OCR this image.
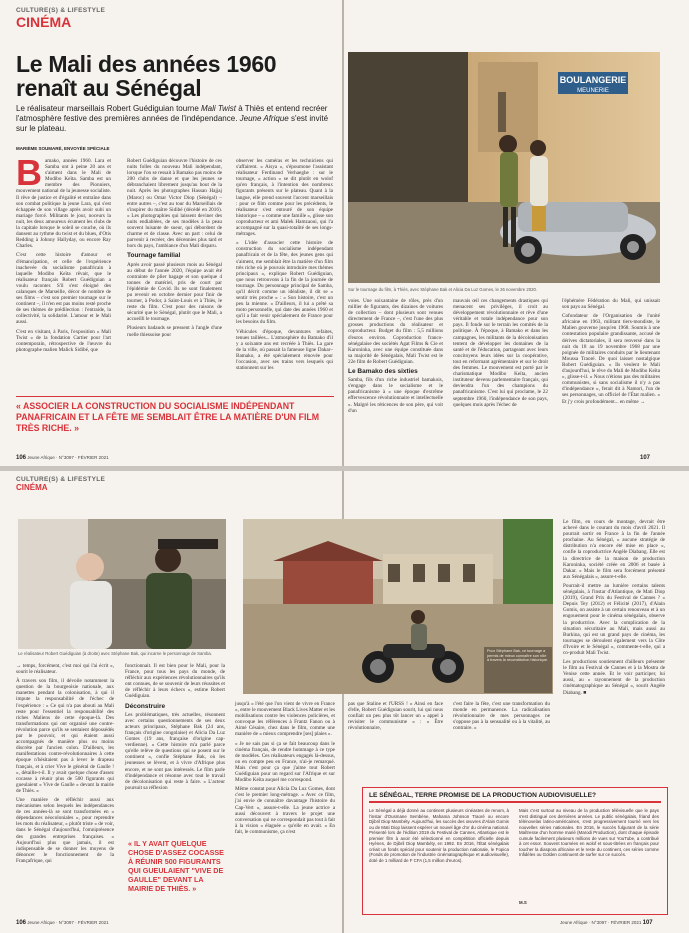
CULTURE(S) & LIFESTYLE
CINÉMA
Le Mali des années 1960
renaît au Sénégal
Le réalisateur marseillais Robert Guédiguian tourne Mali Twist à Thiès et entend recréer l'atmosphère festive des premières années de l'indépendance. Jeune Afrique s'est invité sur le plateau.
MARIÈME SOUMARÉ, ENVOYÉE SPÉCIALE
B amako, années 1960. Lara et Samba ont à peine 20 ans et s'aiment dans le Mali de Modibo Keïta. Samba est un membre des Pionniers, mouvement national de la jeunesse socialiste. Il rêve de justice et d'égalité et entraîne dans son combat politique la jeune Lara, qui s'est échappée de son village après avoir subi un mariage forcé. Militants le jour, noceurs la nuit, les deux amoureux écument les clubs de la capitale lorsque le soleil se couche, où ils dansent au rythme du twist et du blues, d'Otis Redding à Johnny Hallyday, ou encore Ray Charles.

C'est cette histoire d'amour et d'émancipation, et celle de l'expérience inachevée du socialisme panafricain à laquelle Modibo Keïta rêvait, que le réalisateur français Robert Guédiguian a voulu raconter. S'il s'est éloigné des calanques de Marseille, décor de nombre de ses films – c'est son premier tournage sur le continent –, il n'en est pas moins resté proche de ses thèmes de prédilection : l'entraide, la collectivité, la solidarité. L'amour et le Mali aussi.

C'est en visitant, à Paris, l'exposition « Mali Twist » de la fondation Cartier pour l'art contemporain, rétrospective de l'œuvre du photographe malien Malick Sidibé, que

Robert Guédiguian découvre l'histoire de ces nuits folles du nouveau Mali indépendant, lorsque l'on se ressait à Bamako pas moins de 200 clubs de danse et que les jeunes se débranchaient librement jusqu'au bout de la nuit. Après les photographes Hassan Hajjaj (Maroc) ou Omar Victor Diop (Sénégal) – entre autres –, c'est au tour du Marseillais de s'inspirer du maître Sidibé (décédé en 2016). « Les photographies qui laissent deviner des nuits endiablées, de ses modèles à la peau souvent luisante de sueur, qui débordent de charme et de classe. Avec un part : celui de parvenir à recréer, des décennies plus tard et hors du pays, l'ambiance d'un Mali disparu.

Tournage familial

Après avoir passé plusieurs mois au Sénégal au début de l'année 2020, l'équipe avait été contrainte de plier bagage et son quelque 4 tonnes de matériel, pris de court par l'épidémie de Covid. Ils ne sont finalement pu revenir en octobre dernier pour finir de tourner, à Podor, à Saint-Louis et à Thiès, le reste du film. C'est pour des raisons de sécurité que le Sénégal, plutôt que le Mali, a accueilli le tournage.

Plusieurs badauds se pressent à l'angle d'une ruelle thiessoise pour

observer les caméras et les techniciens qui s'affairent. « Aisya », s'époumone l'assistant réalisateur Ferdinand Verhaeghe : sur le tournage, « action » se dit plutôt en wolof qu'en français, à l'intention des nombreux figurants présents sur le plateau. Quant à la langue, elle prend souvent l'accent marseillais : pour ce film comme pour les précédents, le réalisateur s'est entouré de son équipe historique – « comme une famille », glisse son coproducteur et ami Malek Hamzaoui, qui l'a accompagné sur la quasi-totalité de ses longs-métrages.

« L'idée d'associer cette histoire de construction du socialisme indépendant panafricain et de la fête, des jeunes gens qui s'aiment, me semblait être la matière d'un film très riche où je pouvais introduire mes thèmes principaux », explique Robert Guédiguian, que nous retrouvons à la fin de la journée de tournage. Du personnage principal de Samba, qu'il décrit comme un idéaliste, il dit se « sentir très proche » : « Son histoire, c'est un peu la mienne. » D'ailleurs, il lui a prêté sa moto personnelle, qui date des années 1960 et qu'il a fait venir spécialement de France pour les besoins du film.

Véhicules d'époque, devantures refaites, tenues taillées... L'atmosphère du Bamako d'il y a soixante ans est recréée à Thiès. La gare de la ville, où passait la fameuse ligne Dakar–Bamako, a été spécialement rénovée pour l'occasion, avec ses trains vers lesquels qui stationnent sur les

« ASSOCIER LA CONSTRUCTION DU SOCIALISME INDÉPENDANT PANAFRICAIN ET LA FÊTE ME SEMBLAIT ÊTRE LA MATIÈRE D'UN FILM TRÈS RICHE. »
106 Jeune Afrique · N°3097 · FÉVRIER 2021
BOULANGERIE
MEUNERIE
Sur le tournage du film, à Thiès, avec Stéphane Bak et Alicia Da Luz Gomes, le 26 novembre 2020.

voies. Une soixantaine de rôles, près d'un millier de figurants, des dizaines de voitures de collection – dont plusieurs sont venues directement de France –, c'est l'une des plus grosses productions du réalisateur et coproducteur. Budget du film : 5,5 millions d'euros environ. Coproduction franco-sénégalaise des sociétés Agat Films & Cie et Karoninka, avec une équipe constituée dans sa majorité de Sénégalais, Mali Twist est le 22e film de Robert Guédiguian.

Le Bamako des sixties

Samba, fils d'un riche industriel bamakois, s'engage dans le socialisme et le panafricanisme à « une époque d'extrême effervescence révolutionnaire et intellectuelle ». Malgré les réticences de son père, qui voit d'un

mauvais œil ces changements drastiques qui menacent ses privilèges, il croit au développement révolutionnaire et rêve d'une véritable et totale indépendance pour son pays. Il fonde sur le terrain les comités de la politique. À l'époque, à Bamako et dans les campagnes, les militants de la décolonisation tentent de développer les domaines de la santé et de l'éducation, partageant avec leurs concitoyens leurs idées sur la coopérative, tout en reformant agrémentaire et sur le droit des femmes. Le mouvement est porté par le charismatique Modibo Keïta, ancien instituteur devenu parlementaire français, qui deviendra l'un des champions du panafricanisme. C'est lui qui proclame, le 22 septembre 1960, l'indépendance de son pays, quelques mois après l'échec de

l'éphémère Fédération du Mali, qui unissait son pays au Sénégal.

Cofondateur de l'Organisation de l'unité africaine en 1963, militant tiers-mondiste, le Malien gouverne jusqu'en 1968. Soumis à une contestation populaire grandissante, accusé de dérives dictatoriales, il sera renversé dans la nuit du 18 au 19 novembre 1968 par une poignée de militaires conduits par le lieutenant Moussa Traoré. De quoi laisser nostalgique Robert Guédiguian. « Ils veulent le Mali d'aujourd'hui, le rêve du Mali de Modibo Keïta », glisse-t-il. « Nous n'étions pas des militaires communistes, si sans socialisme il n'y a pas d'indépendance », ferait dit à Namori, l'un de ses personnages, un officiel de l'État malien. « Et j'y crois profondément... en même →

107
CULTURE(S) & LIFESTYLE
CINÉMA
Le réalisateur Robert Guédiguian (à droite) avec Stéphane Bak, qui incarne le personnage de Samba.	Pour Stéphane Bak, ce tournage a permis de mieux connaître son rôle à travers la reconstitution historique.

→ temps, forcément, c'est moi qui l'ai écrit », sourit le réalisateur.

À travers son film, il dévoile notamment la question de la bourgeoisie nationale, aux manettes pendant la colonisation, à qui il impute la responsabilité de l'échec de l'expérience : « Ce qui n'a pas abouti au Mali reste pour l'essentiel la responsabilité des riches Maliens de cette époque-là. Des transformations qui ont organisé une contre-révolution parce qu'ils se sentaient dépossédés par le pouvoir, et qui étaient aussi accompagnés de manière plus ou moins discrète par l'ancien colon. D'ailleurs, les manifestations contre-révolutionnaires à cette époque n'hésitaient pas à lever le drapeau français, et à crier Vive le général de Gaulle ! », détaille-t-il. Il y avait quelque chose d'assez cocasse à réunir plus de 500 figurants qui gueulaient « Vive de Gaulle » devant la mairie de Thiès. »

Une manière de réfléchir aussi aux mécanismes selon lesquels les indépendances de ces années-là se sont transformées en « dépendances néocoloniales », pour reprendre les mots du réalisateur, « plutôt triste » de voir, dans le Sénégal d'aujourd'hui, l'omniprésence des grandes entreprises françaises. « Aujourd'hui plus que jamais, il est indispensable de se donner les moyens de dénoncer le fonctionnement de la Françafrique, qui

fonctionnait. Il est bien pour le Mali, pour la France, pour tous les pays du monde, de réfléchir aux expériences révolutionnaires qu'ils ont connues, de se souvenir de leurs réussites et de réfléchir à leurs échecs », estime Robert Guédiguian.

Déconstruire

Les problématiques, très actuelles, résonnent avec certains questionnements de ses deux acteurs principaux, Stéphane Bak (24 ans, français d'origine congolaise) et Alicia Da Luz Gomes (19 ans, française d'origine cap-verdienne). « Cette histoire m'a parlé parce qu'elle relève de questions qui se posent sur le continent », confie Stéphane Bak, où les jeunesses se lèvent, et à vivre d'Afrique plus encore, et ne sont pas intéressés. Le film parle d'indépendance et résonne avec tout le travail de décolonisation qui reste à faire. » L'acteur poursuit sa réflexion

« IL Y AVAIT QUELQUE CHOSE D'ASSEZ COCASSE À RÉUNIR 500 FIGURANTS QUI GUEULAIENT "VIVE DE GAULLE" DEVANT LA MAIRIE DE THIÈS. »

jusqu'à « l'été que l'on vient de vivre en France », entre le mouvement Black Lives Matter et les mobilisations contre les violences policières, et convoque les références à Frantz Fanon ou à Aimé Césaire, chez dans le film, comme une manière de « mieux comprendre [ses] plaies ».

« Je ne sais pas si ça se fait beaucoup dans le cinéma français, de rendre hommage à ce type de modèles. Ces réalisateurs engagés là-dessus, on en compte peu en France, n'ai-je remarqué. Mais c'est pour ça que j'aime tout Robert Guédiguian pour un regard sur l'Afrique et sur Modibo Keïta auquel me correspond.

Même constat pour Alicia Da Luz Gomes, dont c'est le premier long-métrage. « Avec ce film, j'ai envie de connaître davantage l'histoire du Cap-Vert », assure-t-elle. La jeune actrice a aussi découvert à travers le projet une conversation qui ne correspondait pas tout à fait à la vision « élaguée » qu'elle en avait. « En fait, le communisme, ça n'est

pas que Staline et l'URSS ! » Ainsi en face d'elle, Robert Guédiguian sourit, lui qui nous confiait un peu plus tôt lancer un « appel à revisiter le communisme » : « Être révolutionnaire,

c'est faire la fête, c'est une transformation du monde en permanence. La radicalisation révolutionnaire de mes personnages ne s'oppose pas à la sensualité ou à la vitalité, au contraire. »

Le film, en cours de montage, devrait être achevé dans le courant du mois d'avril 2021. Il pourrait sortir en France à la fin de l'année prochaine. Au Sénégal, « aucune stratégie de distribution n'a encore été mise en place », confie la coproductrice Angèle Diabang. Elle est la directrice de la maison de production Karoninka, société créée en 2006 et basée à Dakar. « Mais le film sera forcément présenté aux Sénégalais », assure-t-elle.

Pourrait-il mettre au lumière certains talents sénégalais, à l'instar d'Atlantique, de Mati Diop (2019), Grand Prix du Festival de Cannes ? « Depuis Tey (2012) et Félicité (2017), d'Alain Gomis, on assiste à un certain renouveau et à un engouement pour le cinéma sénégalais, observe la productrice. Avec la complication de la situation sécuritaire au Mali, mais aussi au Burkina, qui est un grand pays de cinéma, les tournages se déroulent également vers la Côte d'Ivoire et le Sénégal », commente-t-elle, qui a co-produit Mali Twist.

Les productions soutiennent d'ailleurs présenter le film au Festival de Cannes et à la Mostra de Venise cette année. Et le voir participer, lui aussi, au « rayonnement de la production cinématographique au Sénégal », sourit Angèle Diabang. ■

LE SÉNÉGAL, TERRE PROMISE DE LA PRODUCTION AUDIOVISUELLE?
Le Sénégal a déjà donné au continent plusieurs cinéastes de renom, à l'instar d'Ousmane Sembène, Mahama Johnson Traoré ou encore Djibril Diop Mambéty. Aujourd'hui, les succès des œuvres d'Alain Gomis ou de Mati Diop laissent espérer un nouvel âge d'or du cinéma national. Présenté lors de l'édition 2019 du Festival de Cannes, Atlantique est le premier film à avoir été sélectionné en compétition officielle depuis Hyènes, de Djibril Diop Mambéty, en 1992. En 2016, l'État sénégalais créait un fonds spécial pour soutenir la production nationale, le Fopica (Fonds de promotion de l'industrie cinématographique et audiovisuelle), doté de 1 milliard de F CFA (1,5 million d'euros).
Mais c'est surtout au niveau de la production télévisuelle que le pays s'est distingué ces dernières années. Le public sénégalais, friand des télénovelas latino-américaines, s'est progressivement tourné vers les nouvelles séries nationales. En 2016, le succès fulgurant de la série Maîtresse d'un homme marié (Marodi Production), dont chaque épisode cumule facilement plusieurs millions de vues sur YouTube, a contribué à cet essor. Souvent tournées en wolof et sous-titrées en français pour toucher la diaspora africaine et le reste du continent, ces séries comme Infidèles ou Golden continuent de surfer sur ce succès.
M.S
106 Jeune Afrique · N°3097 · FÉVRIER 2021	Jeune Afrique · N°3097 · FÉVRIER 2021 107
